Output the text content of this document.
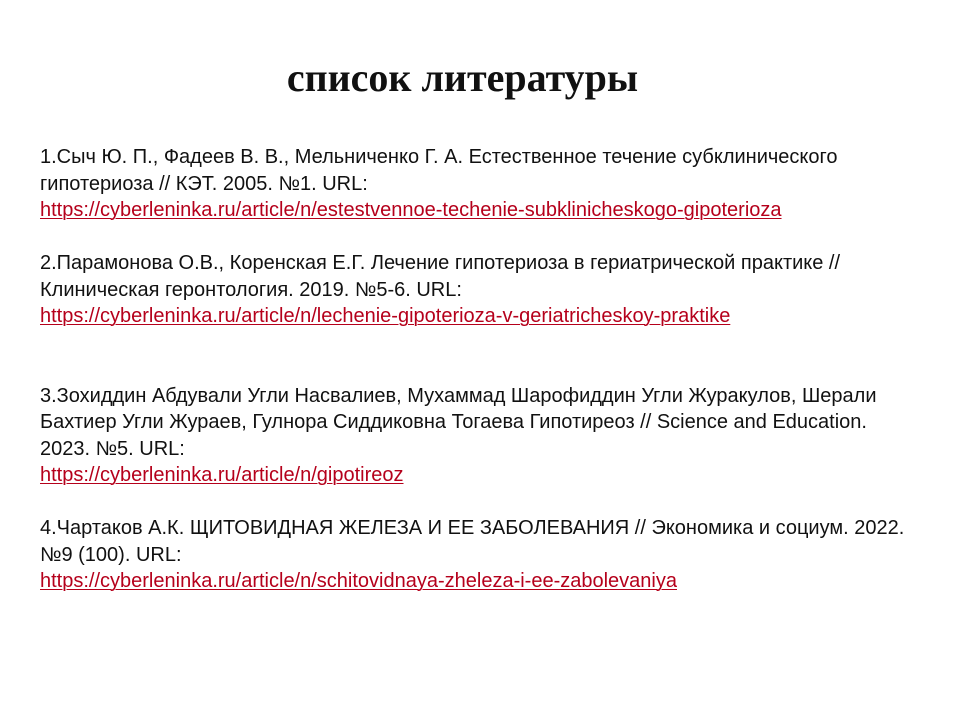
список литературы

1.Сыч Ю. П., Фадеев В. В., Мельниченко Г. А. Естественное течение субклинического гипотериоза // КЭТ. 2005. №1. URL:

https://cyberleninka.ru/article/n/estestvennoe-techenie-subklinicheskogo-gipoterioza

2.Парамонова О.В., Коренская Е.Г. Лечение гипотериоза в гериатрической практике // Клиническая геронтология. 2019. №5-6. URL:

https://cyberleninka.ru/article/n/lechenie-gipoterioza-v-geriatricheskoy-praktike

3.Зохиддин Абдували Угли Насвалиев, Мухаммад Шарофиддин Угли Журакулов, Шерали Бахтиер Угли Жураев, Гулнора Сиддиковна Тогаева Гипотиреоз // Science and Education. 2023. №5. URL:

https://cyberleninka.ru/article/n/gipotireoz

4.Чартаков А.К. ЩИТОВИДНАЯ ЖЕЛЕЗА И ЕЕ ЗАБОЛЕВАНИЯ // Экономика и социум. 2022. №9 (100). URL:

https://cyberleninka.ru/article/n/schitovidnaya-zheleza-i-ee-zabolevaniya
